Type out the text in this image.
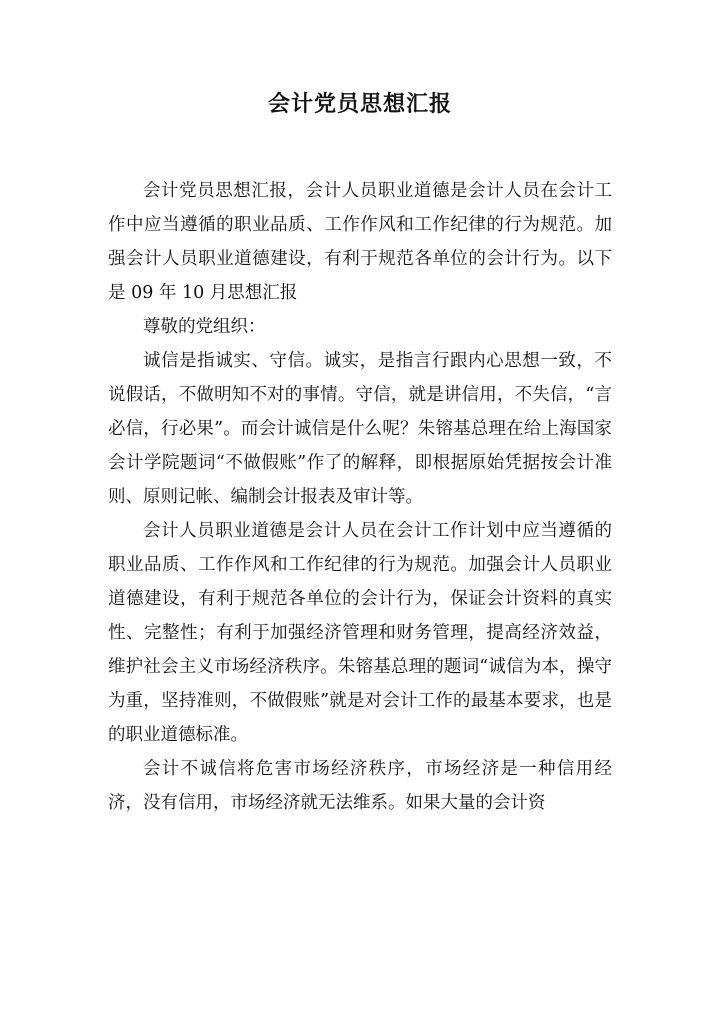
会计党员思想汇报

会计党员思想汇报，会计人员职业道德是会计人员在会计工作中应当遵循的职业品质、工作作风和工作纪律的行为规范。加强会计人员职业道德建设，有利于规范各单位的会计行为。以下是 09 年 10 月思想汇报

尊敬的党组织：

诚信是指诚实、守信。诚实，是指言行跟内心思想一致，不说假话，不做明知不对的事情。守信，就是讲信用，不失信，“言必信，行必果”。而会计诚信是什么呢？朱镕基总理在给上海国家会计学院题词“不做假账”作了的解释，即根据原始凭据按会计准则、原则记帐、编制会计报表及审计等。

会计人员职业道德是会计人员在会计工作计划中应当遵循的职业品质、工作作风和工作纪律的行为规范。加强会计人员职业道德建设，有利于规范各单位的会计行为，保证会计资料的真实性、完整性；有利于加强经济管理和财务管理，提高经济效益，维护社会主义市场经济秩序。朱镕基总理的题词“诚信为本，操守为重，坚持准则，不做假账”就是对会计工作的最基本要求，也是的职业道德标准。

会计不诚信将危害市场经济秩序，市场经济是一种信用经济，没有信用，市场经济就无法维系。如果大量的会计资
